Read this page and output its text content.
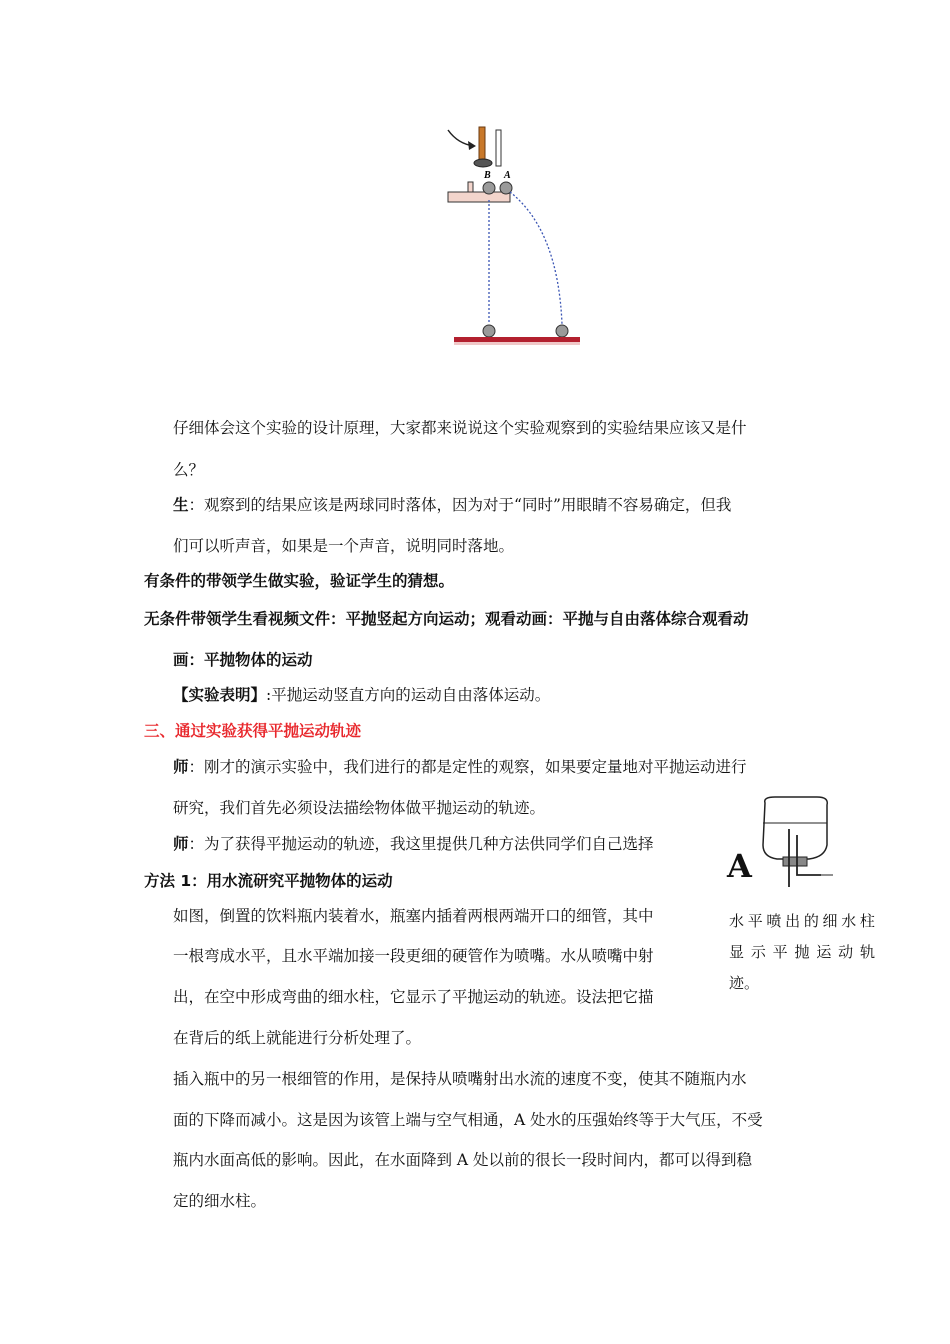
B A
仔细体会这个实验的设计原理，大家都来说说这个实验观察到的实验结果应该又是什
么？
生：观察到的结果应该是两球同时落体，因为对于“同时”用眼睛不容易确定，但我
们可以听声音，如果是一个声音，说明同时落地。
有条件的带领学生做实验，验证学生的猜想。
无条件带领学生看视频文件：平抛竖起方向运动；观看动画：平抛与自由落体综合观看动
画：平抛物体的运动
【实验表明】:平抛运动竖直方向的运动自由落体运动。
三、通过实验获得平抛运动轨迹
师：刚才的演示实验中，我们进行的都是定性的观察，如果要定量地对平抛运动进行
研究，我们首先必须设法描绘物体做平抛运动的轨迹。
师：为了获得平抛运动的轨迹，我这里提供几种方法供同学们自己选择
方法 1：用水流研究平抛物体的运动
如图，倒置的饮料瓶内装着水，瓶塞内插着两根两端开口的细管，其中
一根弯成水平，且水平端加接一段更细的硬管作为喷嘴。水从喷嘴中射
出，在空中形成弯曲的细水柱，它显示了平抛运动的轨迹。设法把它描
在背后的纸上就能进行分析处理了。
A
水 平 喷 出 的 细 水 柱
显 示 平 抛 运 动 轨
迹。
插入瓶中的另一根细管的作用，是保持从喷嘴射出水流的速度不变，使其不随瓶内水
面的下降而减小。这是因为该管上端与空气相通，A 处水的压强始终等于大气压，不受
瓶内水面高低的影响。因此，在水面降到 A 处以前的很长一段时间内，都可以得到稳
定的细水柱。
